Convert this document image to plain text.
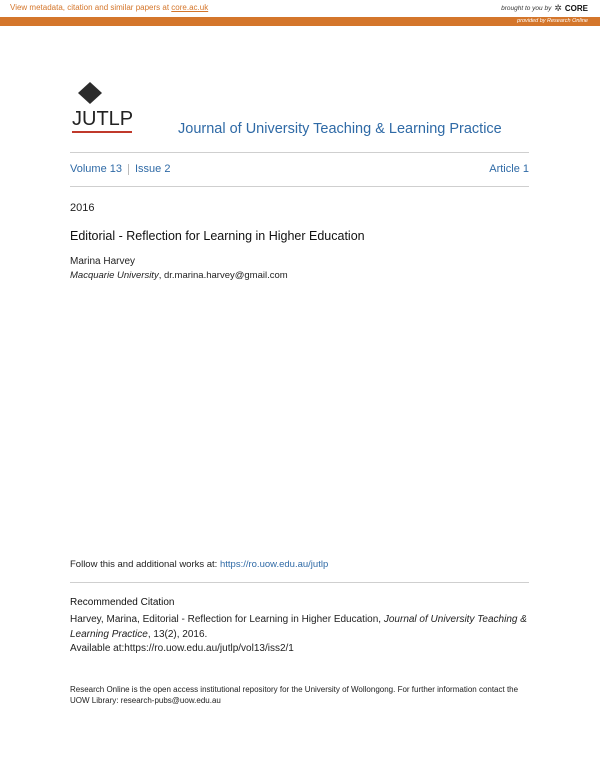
View metadata, citation and similar papers at core.ac.uk	brought to you by ✲ CORE
provided by Research Online
JUTLP	Journal of University Teaching & Learning Practice
Volume 13 Issue 2	Article 1
2016
Editorial - Reflection for Learning in Higher Education
Marina Harvey
Macquarie University, dr.marina.harvey@gmail.com
Follow this and additional works at: https://ro.uow.edu.au/jutlp
Recommended Citation
Harvey, Marina, Editorial - Reflection for Learning in Higher Education, Journal of University Teaching & Learning Practice, 13(2), 2016.
Available at:https://ro.uow.edu.au/jutlp/vol13/iss2/1
Research Online is the open access institutional repository for the University of Wollongong. For further information contact the UOW Library: research-pubs@uow.edu.au
